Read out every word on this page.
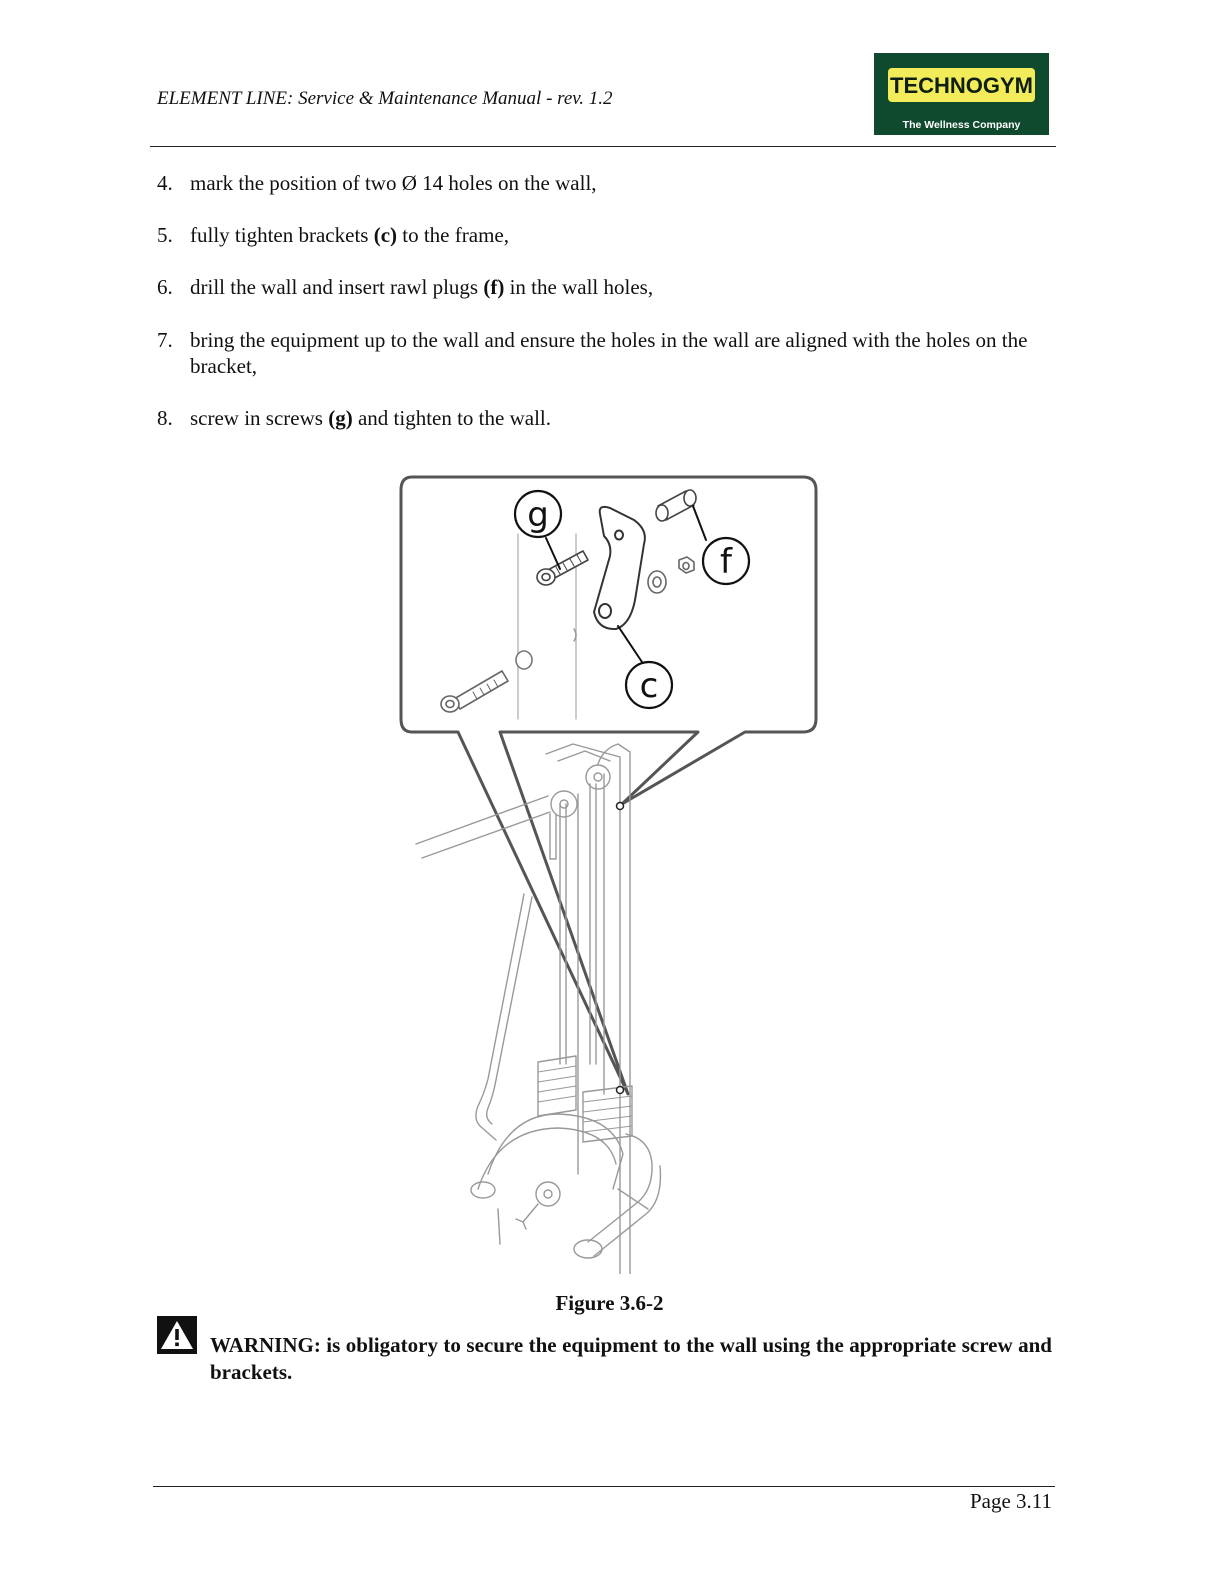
ELEMENT LINE: Service & Maintenance Manual - rev. 1.2
TECHNOGYM
The Wellness Company
4. mark the position of two Ø 14 holes on the wall,
5. fully tighten brackets (c) to the frame,
6. drill the wall and insert rawl plugs (f) in the wall holes,
7. bring the equipment up to the wall and ensure the holes in the wall are aligned with the holes on the bracket,
8. screw in screws (g) and tighten to the wall.
g
f
c
Figure 3.6-2
WARNING: is obligatory to secure the equipment to the wall using the appropriate screw and brackets.
Page 3.11
